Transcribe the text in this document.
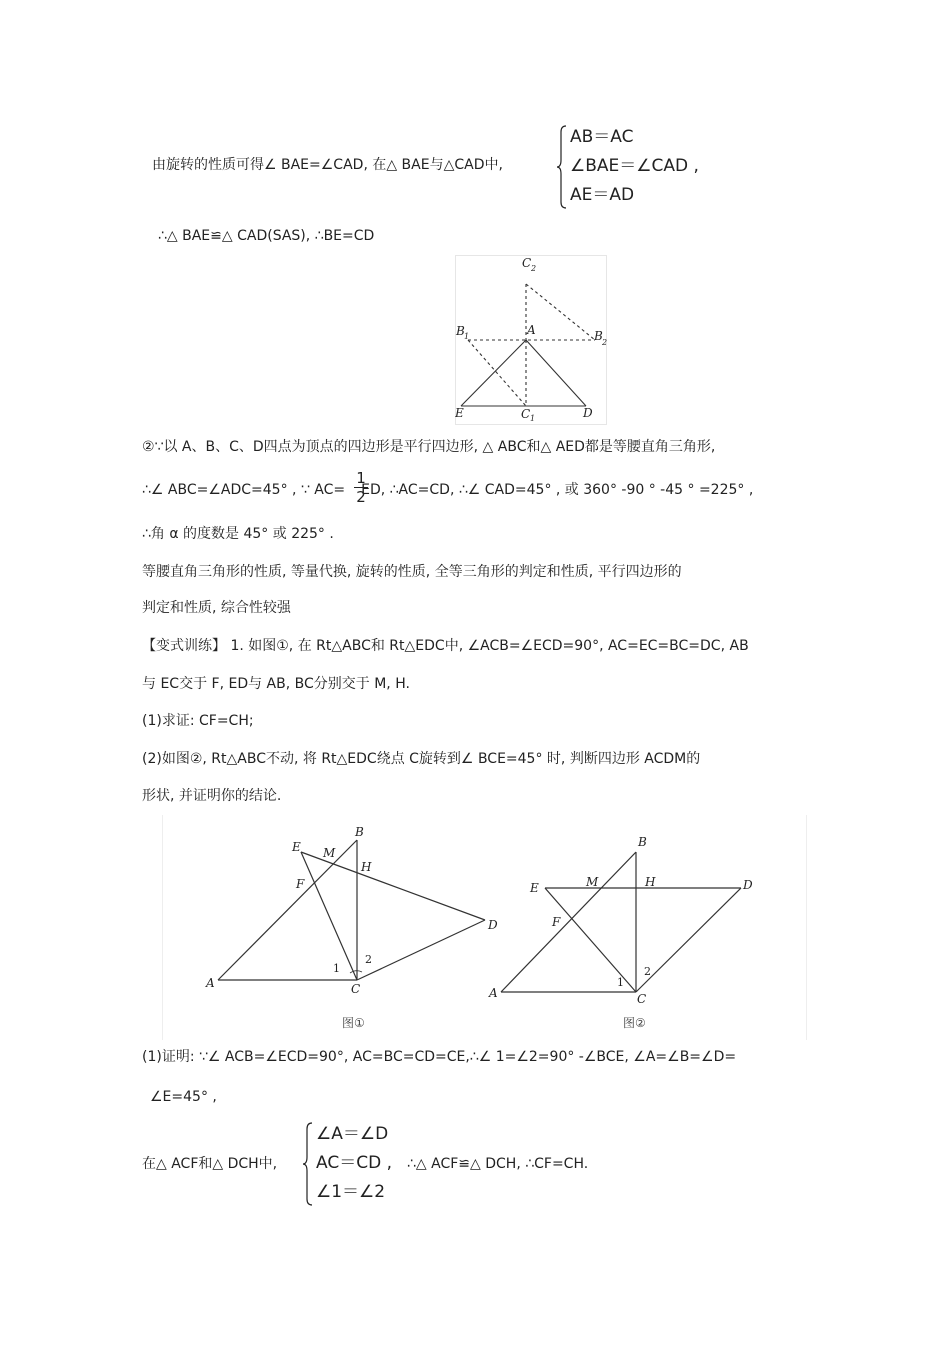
由旋转的性质可得∠ BAE=∠CAD, 在△ BAE与△CAD中,
AB＝AC
∠BAE＝∠CAD ,
AE＝AD
∴△ BAE≌△ CAD(SAS), ∴BE=CD
C 2
A
B 1	B 2
E	C 1	D
②∵以 A、B、C、D四点为顶点的四边形是平行四边形, △ ABC和△ AED都是等腰直角三角形,
∴∠ ABC=∠ADC=45° , ∵ AC= ED, ∴AC=CD, ∴∠ CAD=45° , 或 360° -90 ° -45 ° =225° ,
1
2
∴角 α 的度数是 45° 或 225° .
等腰直角三角形的性质, 等量代换, 旋转的性质, 全等三角形的判定和性质, 平行四边形的
判定和性质, 综合性较强
【变式训练】 1. 如图①, 在 Rt△ABC和 Rt△EDC中, ∠ACB=∠ECD=90°, AC=EC=BC=DC, AB
与 EC交于 F, ED与 AB, BC分别交于 M, H.
(1)求证: CF=CH;
(2)如图②, Rt△ABC不动, 将 Rt△EDC绕点 C旋转到∠ BCE=45° 时, 判断四边形 ACDM的
形状, 并证明你的结论.
E M
B
H
F
D
A	C
1
2
图①
B
E	M	H	D
F
A	C
1
2
图②
(1)证明: ∵∠ ACB=∠ECD=90°, AC=BC=CD=CE,∴∠ 1=∠2=90° -∠BCE, ∠A=∠B=∠D=
∠E=45° ,
在△ ACF和△ DCH中,
∠A＝∠D
AC＝CD ,
∠1＝∠2
∴△ ACF≌△ DCH, ∴CF=CH.
